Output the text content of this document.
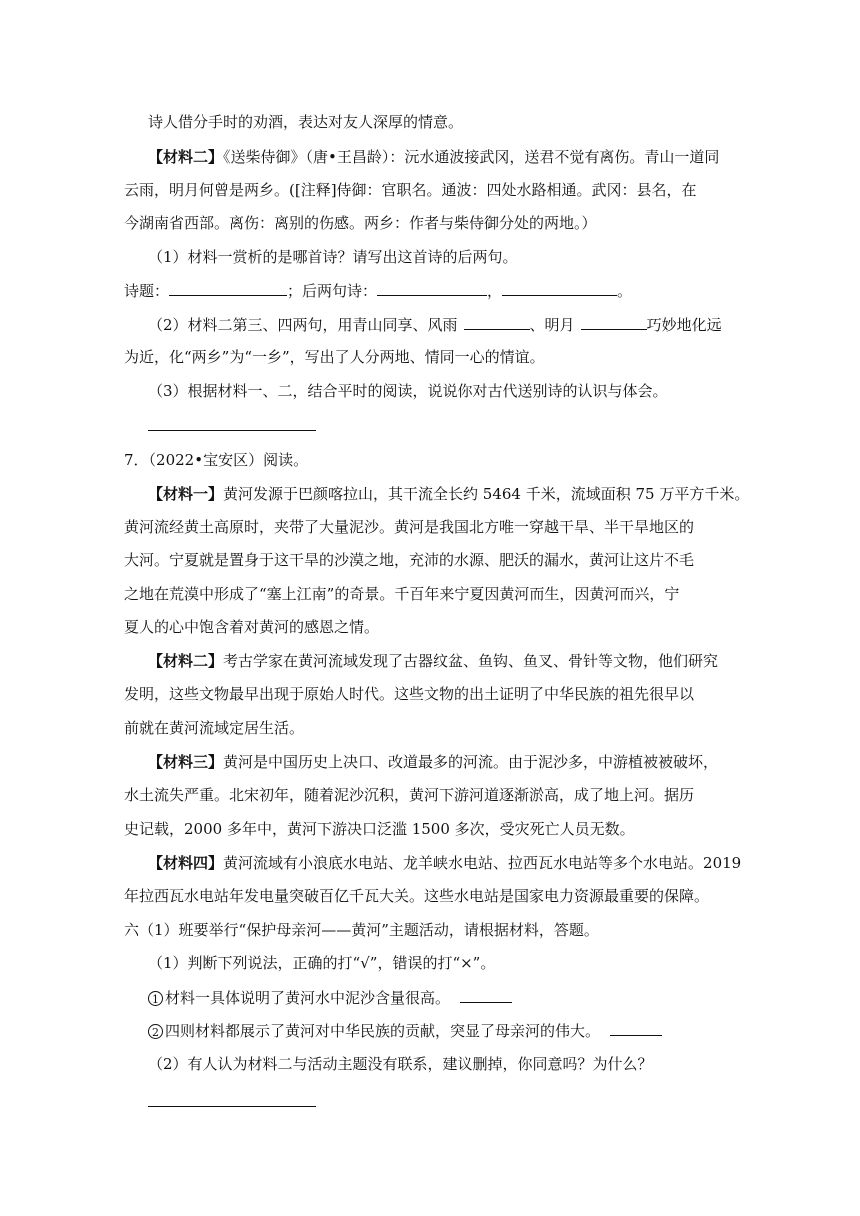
诗人借分手时的劝酒，表达对友人深厚的情意。
【材料二】《送柴侍御》（唐•王昌龄）：沅水通波接武冈，送君不觉有离伤。青山一道同
云雨，明月何曾是两乡。([注释]侍御：官职名。通波：四处水路相通。武冈：县名，在
今湖南省西部。离伤：离别的伤感。两乡：作者与柴侍御分处的两地。）
（1）材料一赏析的是哪首诗？请写出这首诗的后两句。
诗题：	；后两句诗：	，	。
（2）材料二第三、四两句，用青山同享、风雨	、明月	巧妙地化远
为近，化“两乡”为“一乡”，写出了人分两地、情同一心的情谊。
（3）根据材料一、二，结合平时的阅读，说说你对古代送别诗的认识与体会。
7．（2022•宝安区）阅读。
【材料一】黄河发源于巴颜喀拉山，其干流全长约 5464 千米，流域面积 75 万平方千米。
黄河流经黄土高原时，夹带了大量泥沙。黄河是我国北方唯一穿越干旱、半干旱地区的
大河。宁夏就是置身于这干旱的沙漠之地，充沛的水源、肥沃的漏水，黄河让这片不毛
之地在荒漠中形成了“塞上江南”的奇景。千百年来宁夏因黄河而生，因黄河而兴，宁
夏人的心中饱含着对黄河的感恩之情。
【材料二】考古学家在黄河流域发现了古器纹盆、鱼钩、鱼叉、骨针等文物，他们研究
发明，这些文物最早出现于原始人时代。这些文物的出土证明了中华民族的祖先很早以
前就在黄河流域定居生活。
【材料三】黄河是中国历史上决口、改道最多的河流。由于泥沙多，中游植被被破坏，
水土流失严重。北宋初年，随着泥沙沉积，黄河下游河道逐渐淤高，成了地上河。据历
史记载，2000 多年中，黄河下游决口泛滥 1500 多次，受灾死亡人员无数。
【材料四】黄河流域有小浪底水电站、龙羊峡水电站、拉西瓦水电站等多个水电站。2019
年拉西瓦水电站年发电量突破百亿千瓦大关。这些水电站是国家电力资源最重要的保障。
六（1）班要举行“保护母亲河——黄河”主题活动，请根据材料，答题。
（1）判断下列说法，正确的打“√”，错误的打“×”。
1 材料一具体说明了黄河水中泥沙含量很高。
2 四则材料都展示了黄河对中华民族的贡献，突显了母亲河的伟大。
（2）有人认为材料二与活动主题没有联系，建议删掉，你同意吗？为什么？
